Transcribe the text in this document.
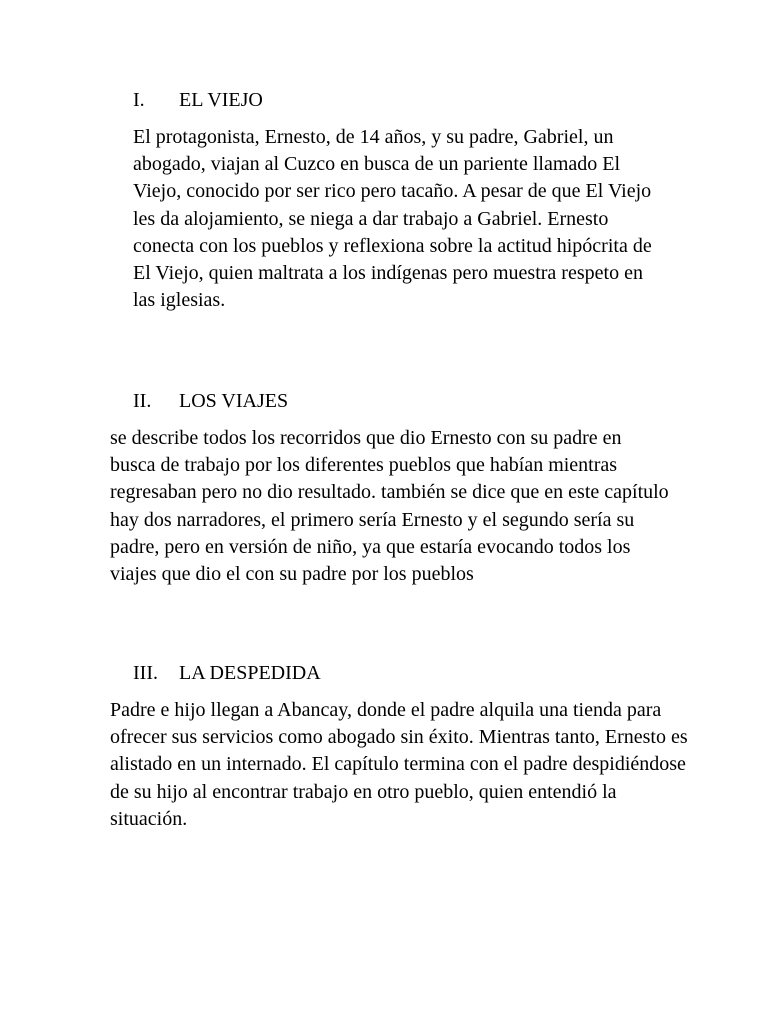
I.	EL VIEJO

El protagonista, Ernesto, de 14 años, y su padre, Gabriel, un abogado, viajan al Cuzco en busca de un pariente llamado El Viejo, conocido por ser rico pero tacaño. A pesar de que El Viejo les da alojamiento, se niega a dar trabajo a Gabriel. Ernesto conecta con los pueblos y reflexiona sobre la actitud hipócrita de El Viejo, quien maltrata a los indígenas pero muestra respeto en las iglesias.

II.	LOS VIAJES

se describe todos los recorridos que dio Ernesto con su padre en busca de trabajo por los diferentes pueblos que habían mientras regresaban pero no dio resultado. también se dice que en este capítulo hay dos narradores, el primero sería Ernesto y el segundo sería su padre, pero en versión de niño, ya que estaría evocando todos los viajes que dio el con su padre por los pueblos

III.	LA DESPEDIDA

Padre e hijo llegan a Abancay, donde el padre alquila una tienda para ofrecer sus servicios como abogado sin éxito. Mientras tanto, Ernesto es alistado en un internado. El capítulo termina con el padre despidiéndose de su hijo al encontrar trabajo en otro pueblo, quien entendió la situación.
